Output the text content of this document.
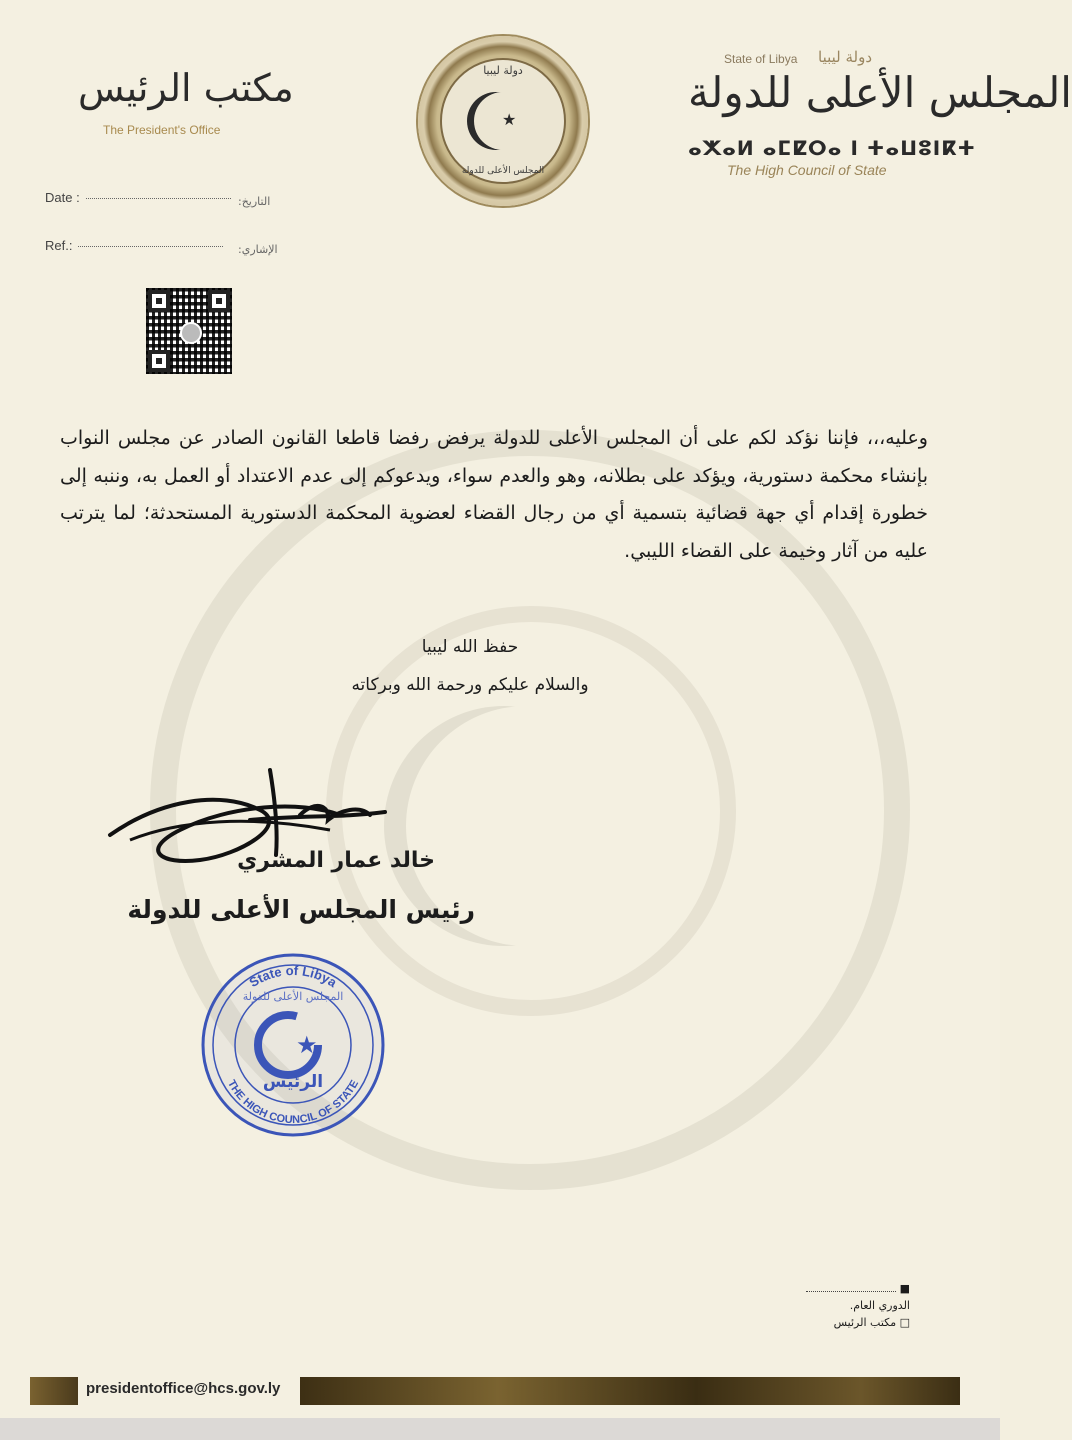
مكتب الرئيس
The President's Office
دولة ليبيا
★
المجلس الأعلى للدولة
State of Libya دولة ليبيا
المجلس الأعلى للدولة
ⴰⵅⴰⵍ ⴰⵎⵇⵔⴰ ⵏ ⵜⴰⵡⵓⵏⴽⵜ
The High Council of State
Date :	التاريخ:
Ref.:	الإشاري:
وعليه،،، فإننا نؤكد لكم على أن المجلس الأعلى للدولة يرفض رفضا قاطعا القانون الصادر عن مجلس النواب بإنشاء محكمة دستورية، ويؤكد على بطلانه، وهو والعدم سواء، ويدعوكم إلى عدم الاعتداد أو العمل به، وننبه إلى خطورة إقدام أي جهة قضائية بتسمية أي من رجال القضاء لعضوية المحكمة الدستورية المستحدثة؛ لما يترتب عليه من آثار وخيمة على القضاء الليبي.
حفظ الله ليبيا
والسلام عليكم ورحمة الله وبركاته
خالد عمار المشري
رئيس المجلس الأعلى للدولة
State of Libya
THE HIGH COUNCIL OF STATE
★
المجلس الأعلى للدولة
الرئيس
■
الدوري العام.
□ مكتب الرئيس
presidentoffice@hcs.gov.ly
